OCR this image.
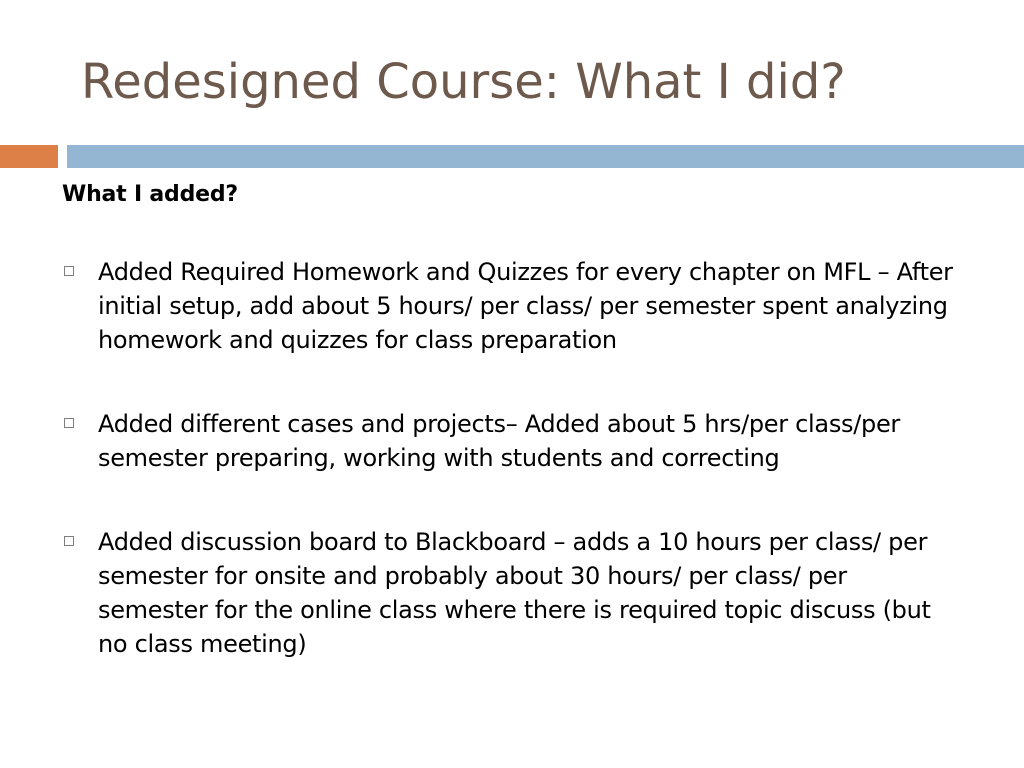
Redesigned Course: What I did?

What I added?

Added Required Homework and Quizzes for every chapter on MFL – After initial setup, add about 5 hours/ per class/ per semester spent analyzing homework and quizzes for class preparation
Added different cases and projects– Added about 5 hrs/per class/per semester preparing, working with students and correcting
Added discussion board to Blackboard – adds a 10 hours per class/ per semester for onsite and probably about 30 hours/ per class/ per semester for the online class where there is required topic discuss (but no class meeting)
